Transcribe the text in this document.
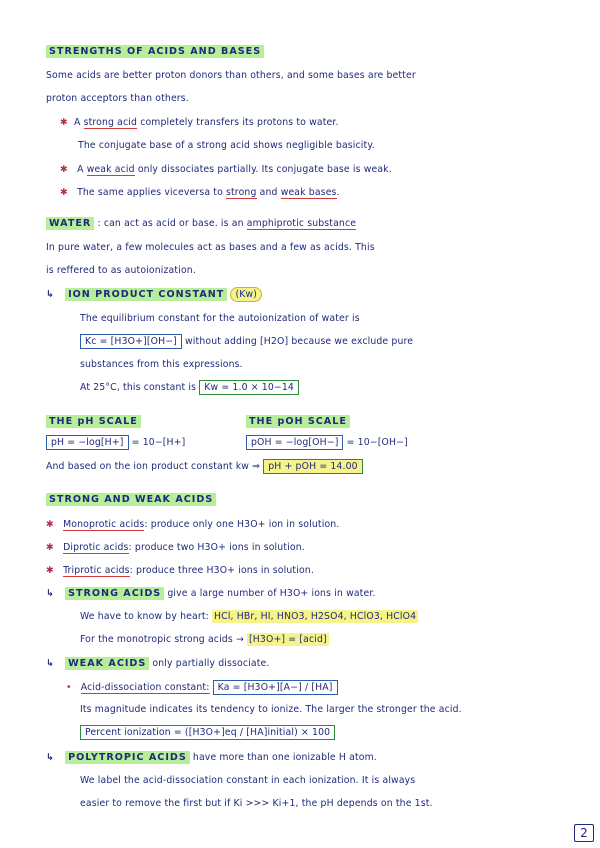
STRENGTHS OF ACIDS AND BASES
Some acids are better proton donors than others, and some bases are better
proton acceptors than others.
✱ A strong acid completely transfers its protons to water.
The conjugate base of a strong acid shows negligible basicity.
✱ A weak acid only dissociates partially. Its conjugate base is weak.
✱ The same applies viceversa to strong and weak bases.
WATER : can act as acid or base. is an amphiprotic substance
In pure water, a few molecules act as bases and a few as acids. This
is reffered to as autoionization.
↳ ION PRODUCT CONSTANT (Kw)
The equilibrium constant for the autoionization of water is
Kc = [H3O+][OH−] without adding [H2O] because we exclude pure
substances from this expressions.
At 25°C, this constant is Kw = 1.0 × 10−14
THE pH SCALE	THE pOH SCALE
pH = −log[H+] = 10−[H+]	pOH = −log[OH−] = 10−[OH−]
And based on the ion product constant kw ⇒ pH + pOH = 14.00
STRONG AND WEAK ACIDS
✱ Monoprotic acids: produce only one H3O+ ion in solution.
✱ Diprotic acids: produce two H3O+ ions in solution.
✱ Triprotic acids: produce three H3O+ ions in solution.
↳ STRONG ACIDS give a large number of H3O+ ions in water.
We have to know by heart: HCl, HBr, HI, HNO3, H2SO4, HClO3, HClO4
For the monotropic strong acids → [H3O+] = [acid]
↳ WEAK ACIDS only partially dissociate.
• Acid-dissociation constant: Ka = [H3O+][A−] / [HA]
Its magnitude indicates its tendency to ionize. The larger the stronger the acid.
Percent ionization = ([H3O+]eq / [HA]initial) × 100
↳ POLYTROPIC ACIDS have more than one ionizable H atom.
We label the acid-dissociation constant in each ionization. It is always
easier to remove the first but if Ki >>> Ki+1, the pH depends on the 1st.
2
